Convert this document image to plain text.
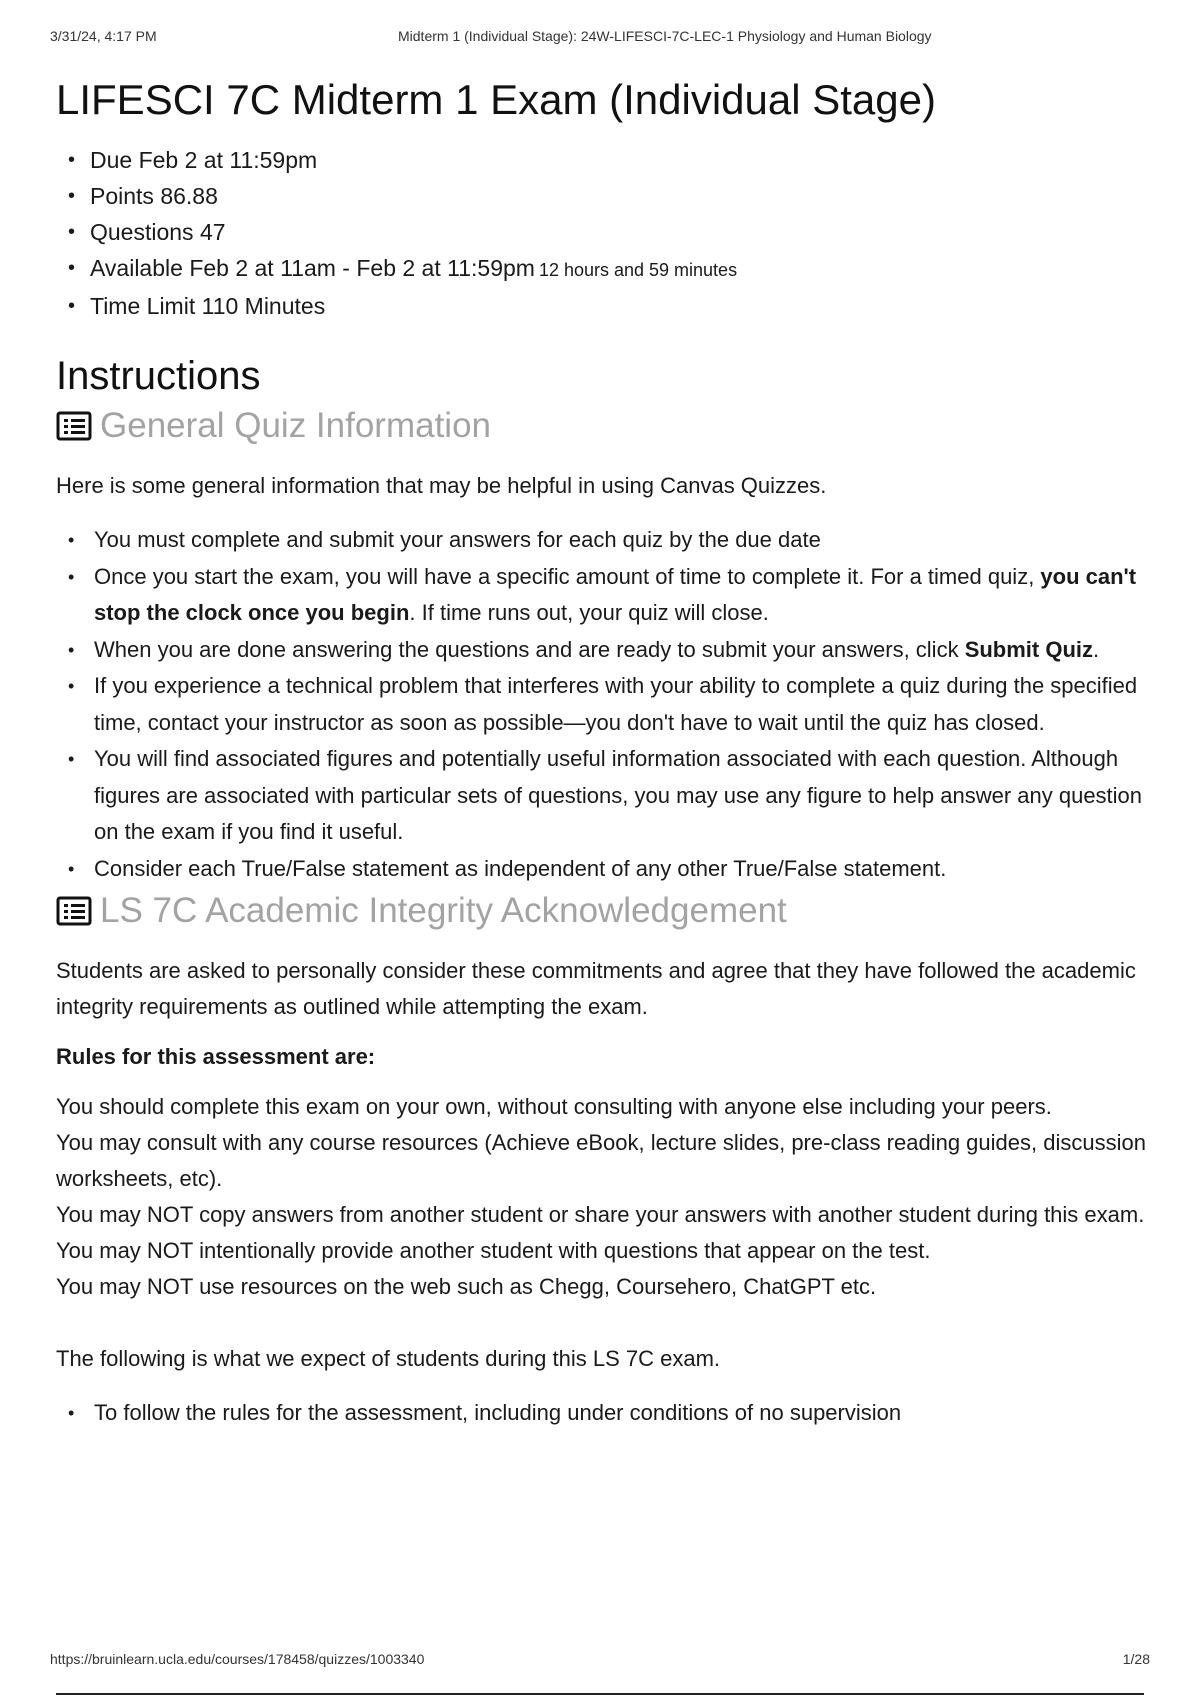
3/31/24, 4:17 PM	Midterm 1 (Individual Stage): 24W-LIFESCI-7C-LEC-1 Physiology and Human Biology
LIFESCI 7C Midterm 1 Exam (Individual Stage)
• Due Feb 2 at 11:59pm
• Points 86.88
• Questions 47
• Available Feb 2 at 11am - Feb 2 at 11:59pm 12 hours and 59 minutes
• Time Limit 110 Minutes
Instructions
General Quiz Information

Here is some general information that may be helpful in using Canvas Quizzes.

• You must complete and submit your answers for each quiz by the due date
• Once you start the exam, you will have a specific amount of time to complete it. For a timed quiz, you can't stop the clock once you begin. If time runs out, your quiz will close.
• When you are done answering the questions and are ready to submit your answers, click Submit Quiz.
• If you experience a technical problem that interferes with your ability to complete a quiz during the specified time, contact your instructor as soon as possible—you don't have to wait until the quiz has closed.
• You will find associated figures and potentially useful information associated with each question. Although figures are associated with particular sets of questions, you may use any figure to help answer any question on the exam if you find it useful.
• Consider each True/False statement as independent of any other True/False statement.
LS 7C Academic Integrity Acknowledgement

Students are asked to personally consider these commitments and agree that they have followed the academic integrity requirements as outlined while attempting the exam.

Rules for this assessment are:

You should complete this exam on your own, without consulting with anyone else including your peers.

You may consult with any course resources (Achieve eBook, lecture slides, pre-class reading guides, discussion worksheets, etc).

You may NOT copy answers from another student or share your answers with another student during this exam.

You may NOT intentionally provide another student with questions that appear on the test.

You may NOT use resources on the web such as Chegg, Coursehero, ChatGPT etc.

The following is what we expect of students during this LS 7C exam.

• To follow the rules for the assessment, including under conditions of no supervision
https://bruinlearn.ucla.edu/courses/178458/quizzes/1003340	1/28
